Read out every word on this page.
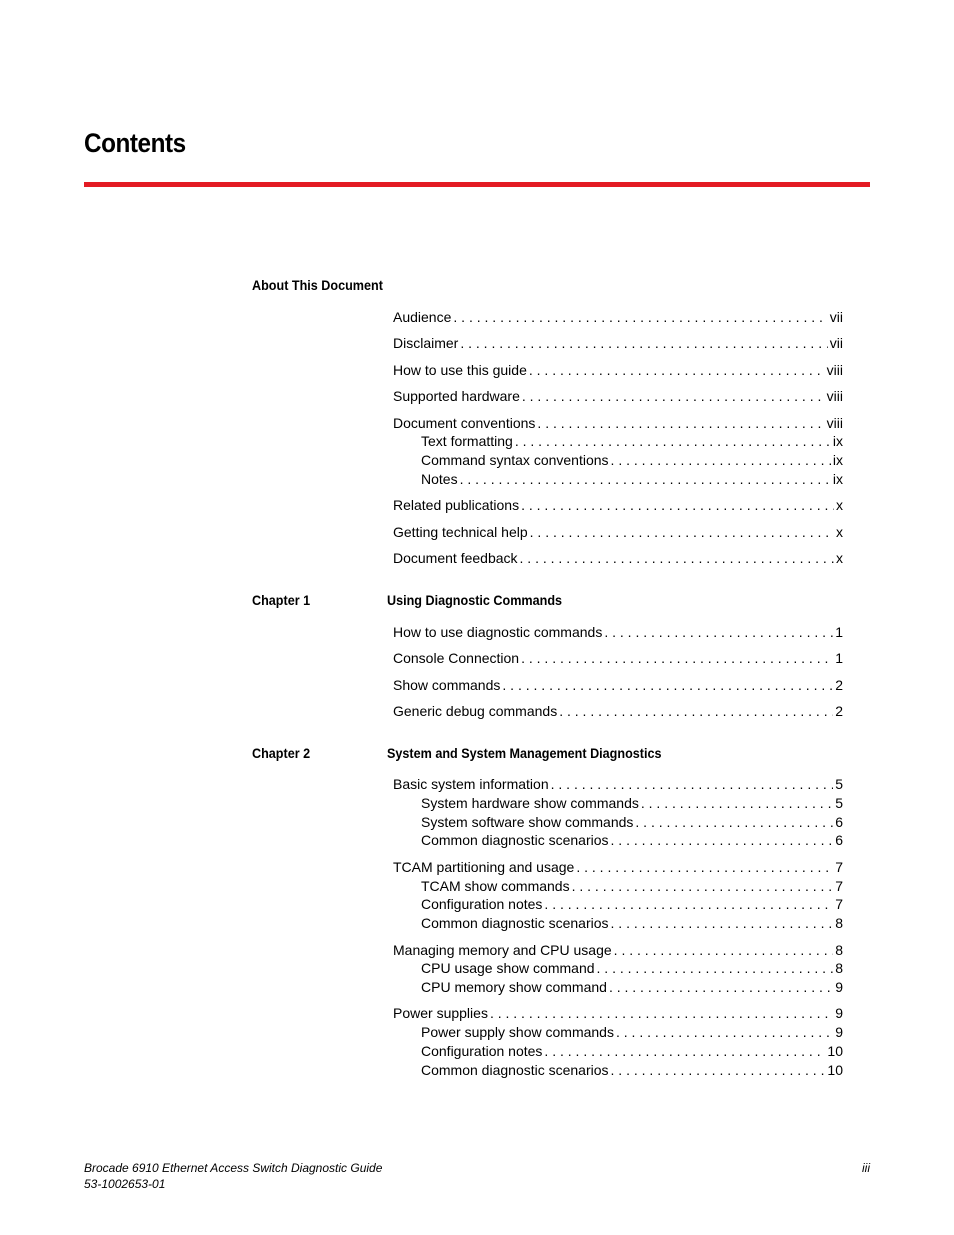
Contents
About This Document
Audience . . .	vii
Disclaimer . . .	vii
How to use this guide . . .	viii
Supported hardware . . .	viii
Document conventions . . .	viii
Text formatting . . .	ix
Command syntax conventions . . .	ix
Notes . . .	ix
Related publications . . .	x
Getting technical help . . .	x
Document feedback . . .	x
Chapter 1	Using Diagnostic Commands
How to use diagnostic commands . . .	1
Console Connection . . .	1
Show commands . . .	2
Generic debug commands . . .	2
Chapter 2	System and System Management Diagnostics
Basic system information . . .	5
System hardware show commands . . .	5
System software show commands . . .	6
Common diagnostic scenarios . . .	6
TCAM partitioning and usage . . .	7
TCAM show commands . . .	7
Configuration notes . . .	7
Common diagnostic scenarios . . .	8
Managing memory and CPU usage . . .	8
CPU usage show command . . .	8
CPU memory show command . . .	9
Power supplies . . .	9
Power supply show commands . . .	9
Configuration notes . . .	10
Common diagnostic scenarios . . .	10
Brocade 6910 Ethernet Access Switch Diagnostic Guide	iii
53-1002653-01
